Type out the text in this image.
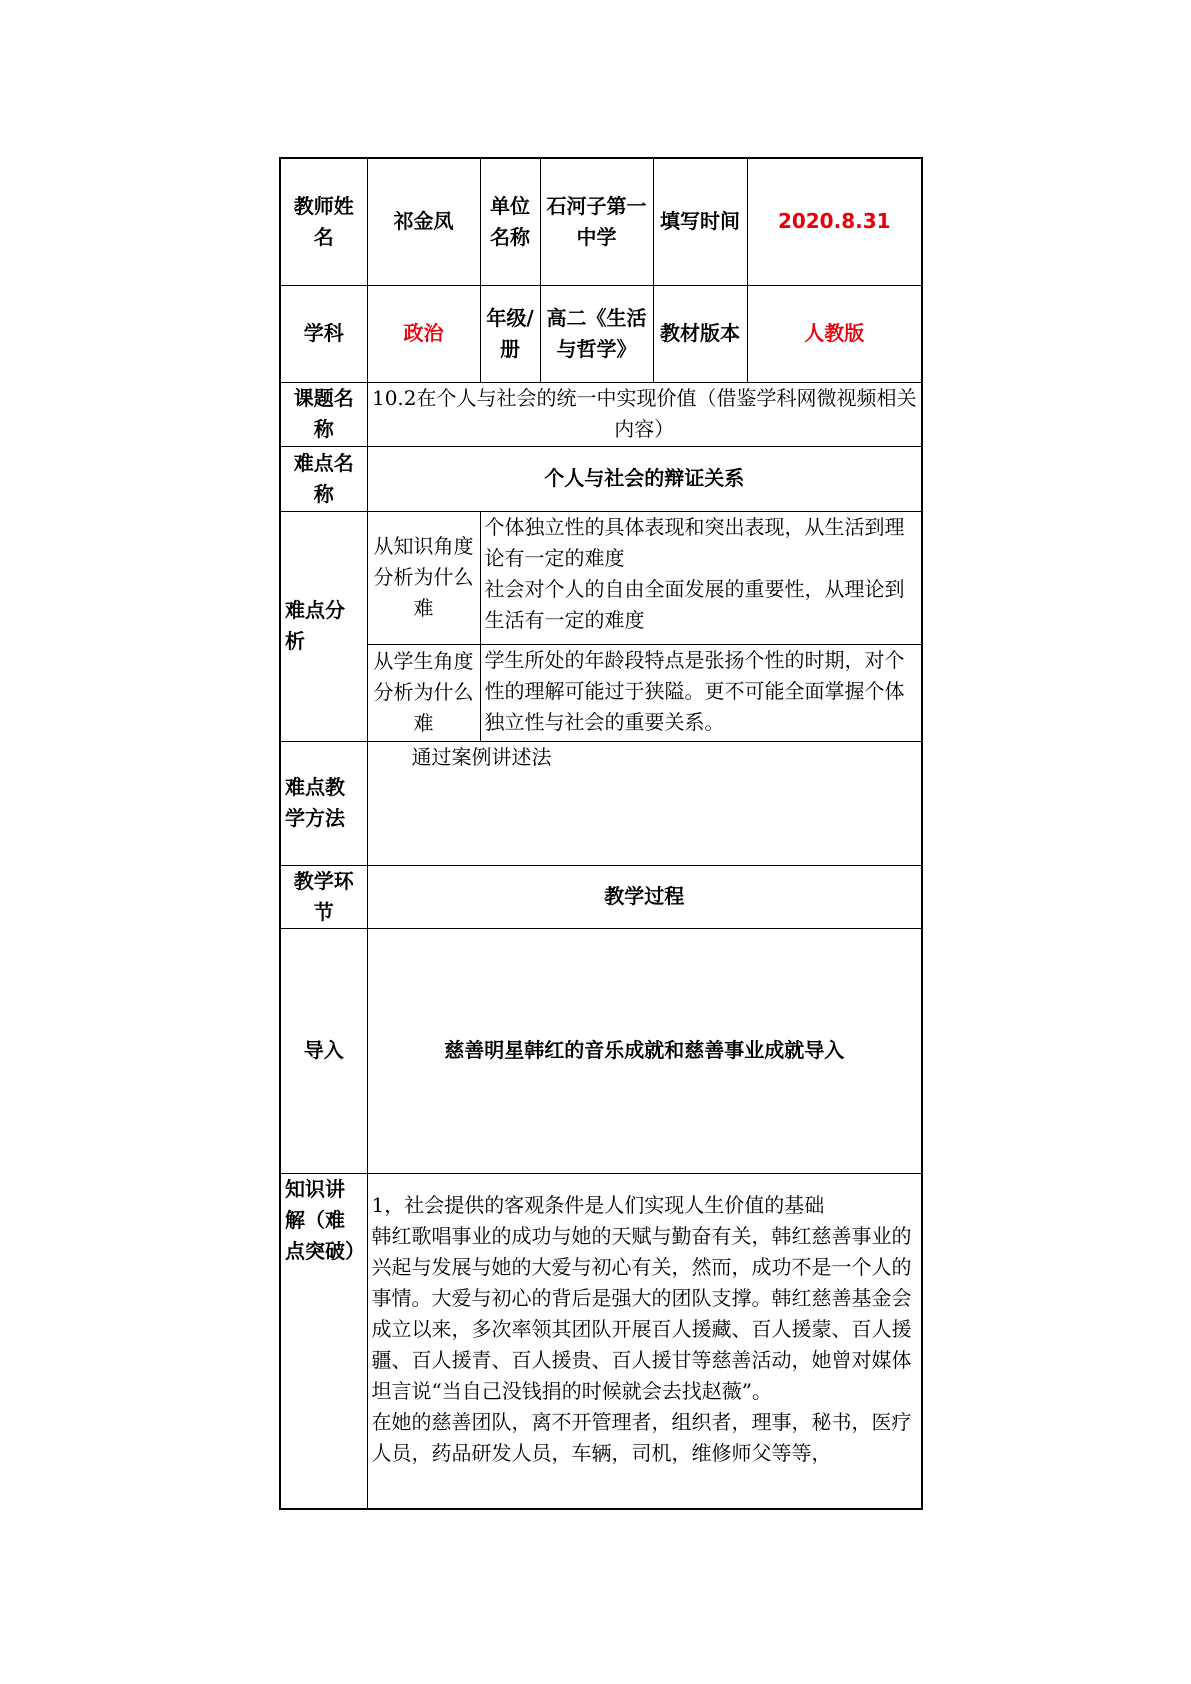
教师姓名	祁金凤	单位名称	石河子第一中学	填写时间	2020.8.31
学科	政治	年级/册	高二《生活与哲学》	教材版本	人教版
课题名称	10.2在个人与社会的统一中实现价值（借鉴学科网微视频相关内容）				
难点名称	个人与社会的辩证关系				
难点分析	从知识角度分析为什么难	个体独立性的具体表现和突出表现，从生活到理论有一定的难度
社会对个人的自由全面发展的重要性，从理论到生活有一定的难度			

	从学生角度分析为什么难	学生所处的年龄段特点是张扬个性的时期，对个性的理解可能过于狭隘。更不可能全面掌握个体独立性与社会的重要关系。			
难点教学方法	通过案例讲述法				
教学环节	教学过程				
导入	慈善明星韩红的音乐成就和慈善事业成就导入				
知识讲解（难点突破）	1，社会提供的客观条件是人们实现人生价值的基础
韩红歌唱事业的成功与她的天赋与勤奋有关，韩红慈善事业的兴起与发展与她的大爱与初心有关，然而，成功不是一个人的事情。大爱与初心的背后是强大的团队支撑。韩红慈善基金会成立以来，多次率领其团队开展百人援藏、百人援蒙、百人援疆、百人援青、百人援贵、百人援甘等慈善活动，她曾对媒体坦言说“当自己没钱捐的时候就会去找赵薇”。
在她的慈善团队，离不开管理者，组织者，理事，秘书，医疗人员，药品研发人员，车辆，司机，维修师父等等，				
